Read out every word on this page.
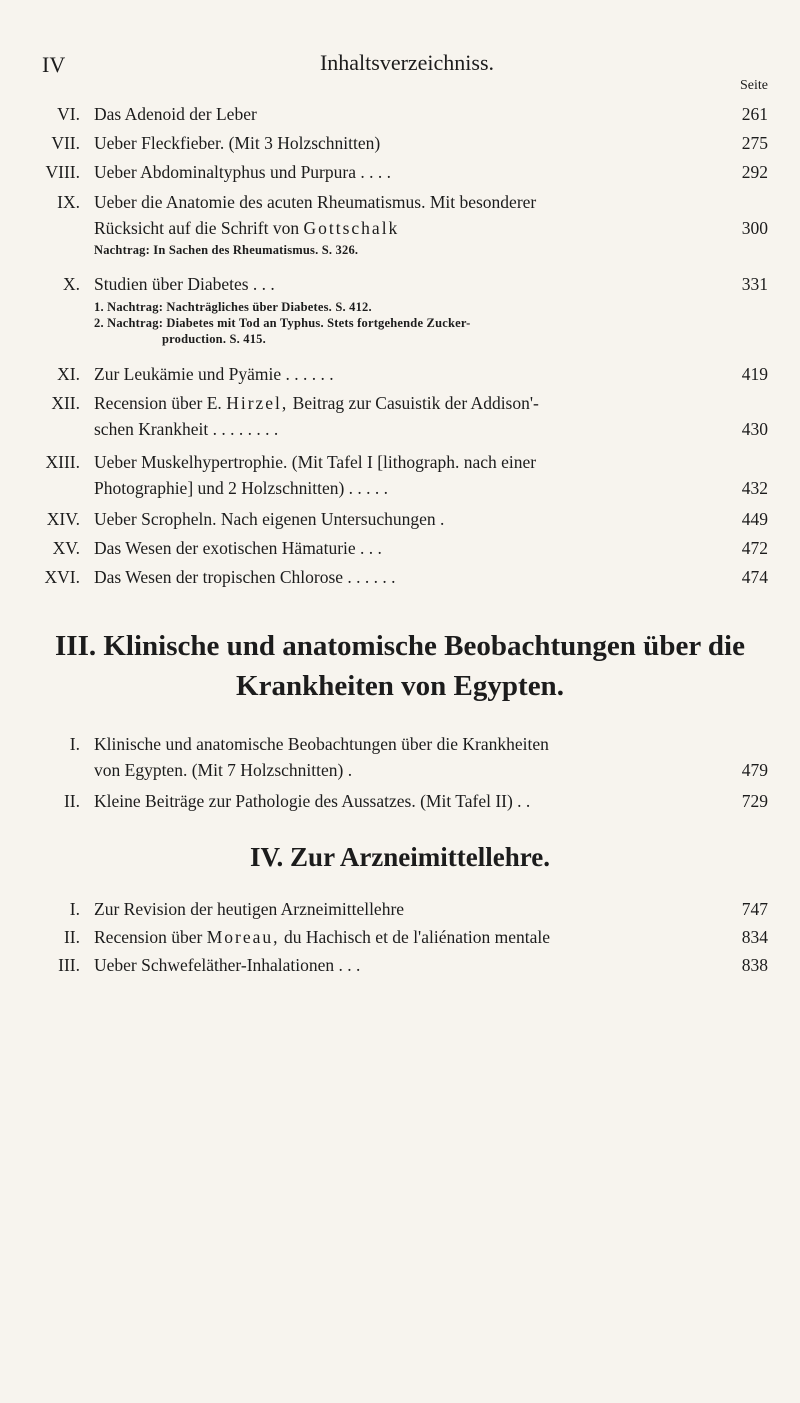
IV	Inhaltsverzeichniss.
Seite
VI. Das Adenoid der Leber	261
VII. Ueber Fleckfieber. (Mit 3 Holzschnitten)	275
VIII. Ueber Abdominaltyphus und Purpura . . . .	292
IX. Ueber die Anatomie des acuten Rheumatismus. Mit besonderer
Rücksicht auf die Schrift von Gottschalk	300
Nachtrag: In Sachen des Rheumatismus. S. 326.
X. Studien über Diabetes . . .	331
1. Nachtrag: Nachträgliches über Diabetes. S. 412.
2. Nachtrag: Diabetes mit Tod an Typhus. Stets fortgehende Zucker-
production. S. 415.
XI. Zur Leukämie und Pyämie . . . . . .	419
XII. Recension über E. Hirzel, Beitrag zur Casuistik der Addison'-
schen Krankheit . . . . . . . .	430
XIII. Ueber Muskelhypertrophie. (Mit Tafel I [lithograph. nach einer
Photographie] und 2 Holzschnitten) . . . . .	432
XIV. Ueber Scropheln. Nach eigenen Untersuchungen .	449
XV. Das Wesen der exotischen Hämaturie . . .	472
XVI. Das Wesen der tropischen Chlorose . . . . . .	474
III. Klinische und anatomische Beobachtungen über die
Krankheiten von Egypten.
I. Klinische und anatomische Beobachtungen über die Krankheiten
von Egypten. (Mit 7 Holzschnitten) .	479
II. Kleine Beiträge zur Pathologie des Aussatzes. (Mit Tafel II) . .	729
IV. Zur Arzneimittellehre.
I. Zur Revision der heutigen Arzneimittellehre	747
II. Recension über Moreau, du Hachisch et de l'aliénation mentale	834
III. Ueber Schwefeläther-Inhalationen . . .	838
